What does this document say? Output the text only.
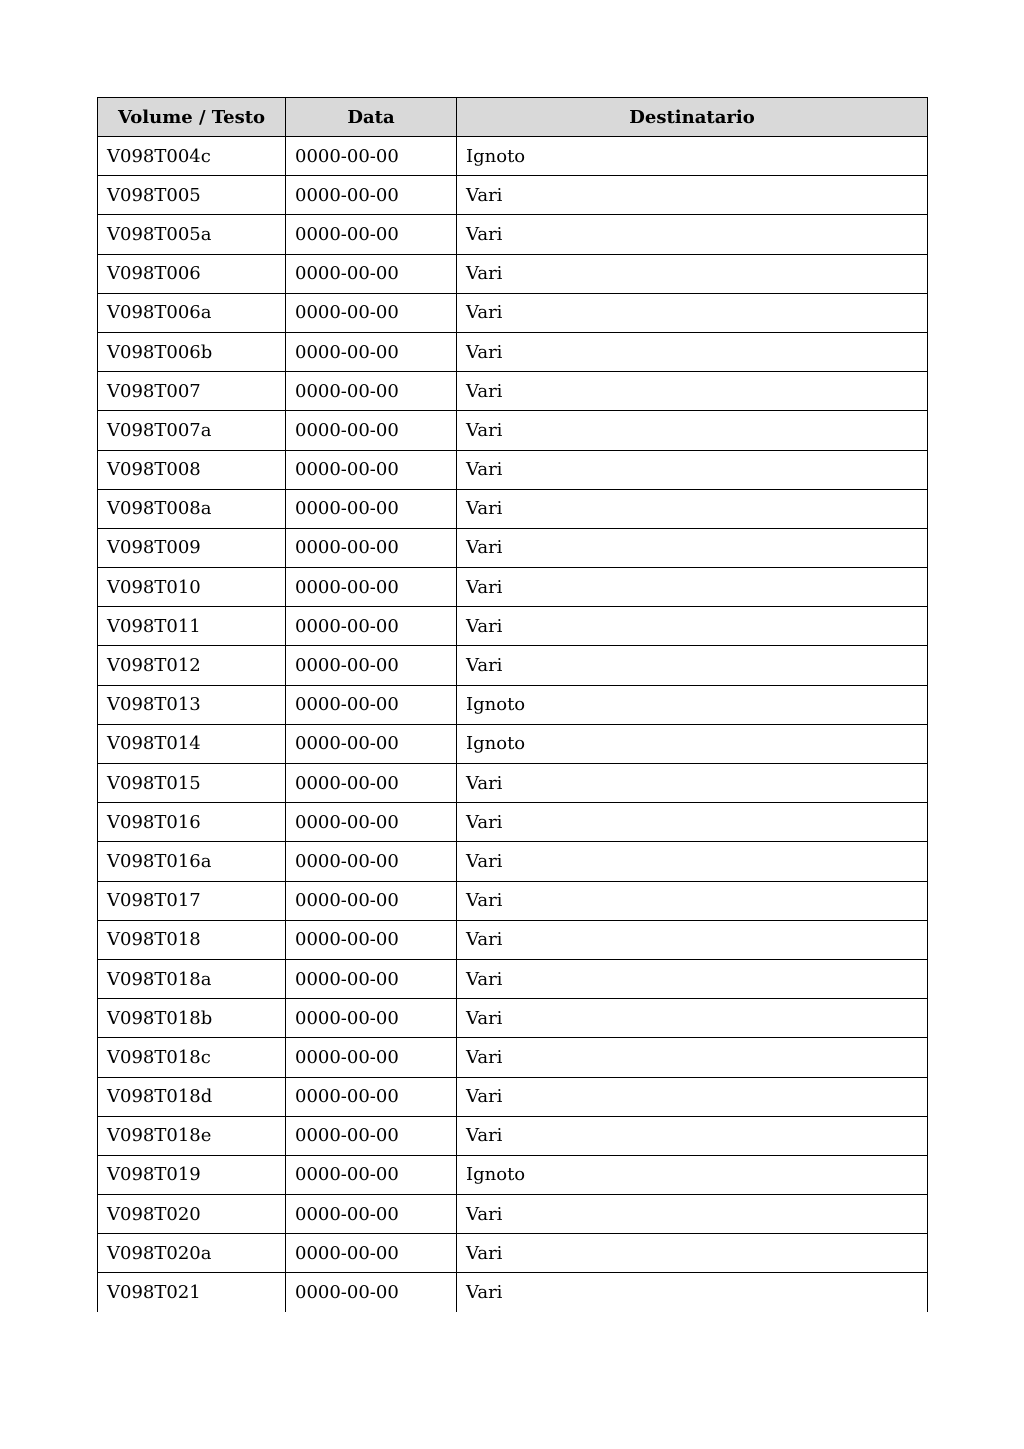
Volume / Testo	Data	Destinatario
V098T004c	0000-00-00	Ignoto
V098T005	0000-00-00	Vari
V098T005a	0000-00-00	Vari
V098T006	0000-00-00	Vari
V098T006a	0000-00-00	Vari
V098T006b	0000-00-00	Vari
V098T007	0000-00-00	Vari
V098T007a	0000-00-00	Vari
V098T008	0000-00-00	Vari
V098T008a	0000-00-00	Vari
V098T009	0000-00-00	Vari
V098T010	0000-00-00	Vari
V098T011	0000-00-00	Vari
V098T012	0000-00-00	Vari
V098T013	0000-00-00	Ignoto
V098T014	0000-00-00	Ignoto
V098T015	0000-00-00	Vari
V098T016	0000-00-00	Vari
V098T016a	0000-00-00	Vari
V098T017	0000-00-00	Vari
V098T018	0000-00-00	Vari
V098T018a	0000-00-00	Vari
V098T018b	0000-00-00	Vari
V098T018c	0000-00-00	Vari
V098T018d	0000-00-00	Vari
V098T018e	0000-00-00	Vari
V098T019	0000-00-00	Ignoto
V098T020	0000-00-00	Vari
V098T020a	0000-00-00	Vari
V098T021	0000-00-00	Vari
